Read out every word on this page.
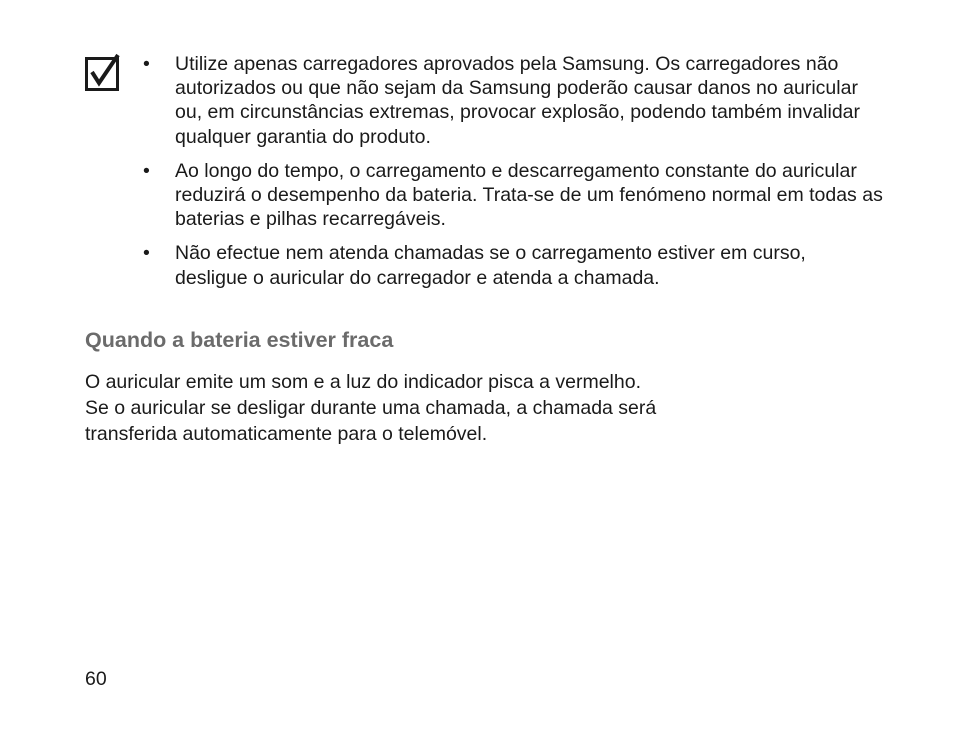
• Utilize apenas carregadores aprovados pela Samsung. Os carregadores não autorizados ou que não sejam da Samsung poderão causar danos no auricular ou, em circunstâncias extremas, provocar explosão, podendo também invalidar qualquer garantia do produto.
• Ao longo do tempo, o carregamento e descarregamento constante do auricular reduzirá o desempenho da bateria. Trata-se de um fenómeno normal em todas as baterias e pilhas recarregáveis.
• Não efectue nem atenda chamadas se o carregamento estiver em curso, desligue o auricular do carregador e atenda a chamada.
Quando a bateria estiver fraca

O auricular emite um som e a luz do indicador pisca a vermelho.
Se o auricular se desligar durante uma chamada, a chamada será
transferida automaticamente para o telemóvel.

60
